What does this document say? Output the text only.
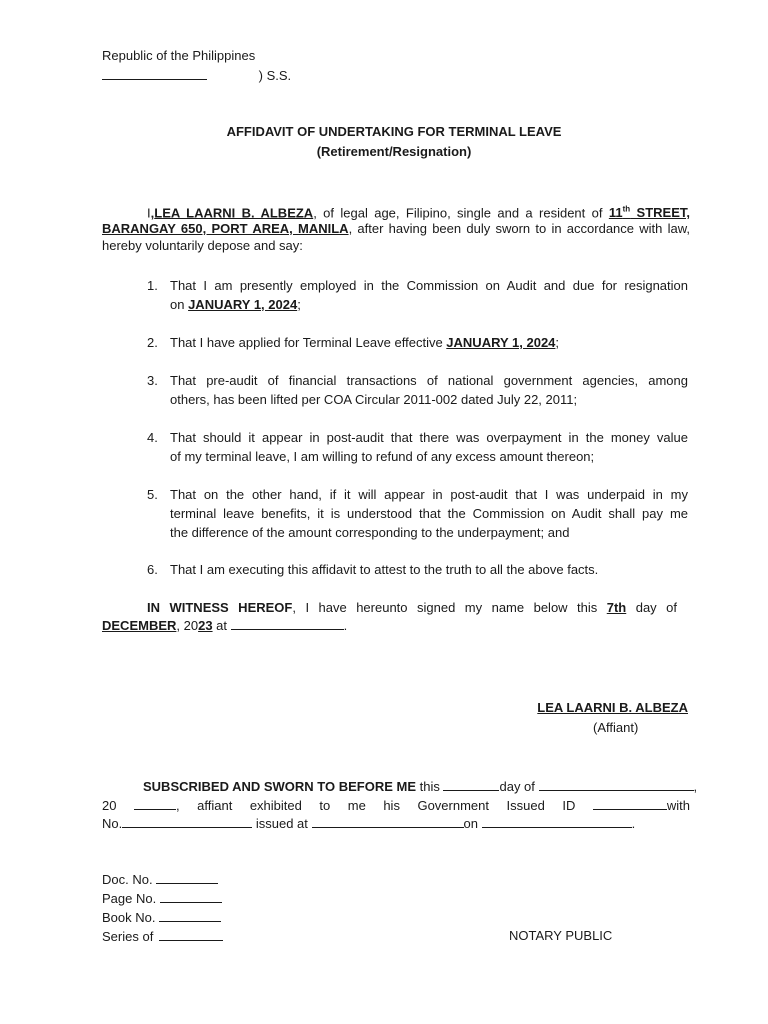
Republic of the Philippines
) S.S.
AFFIDAVIT OF UNDERTAKING FOR TERMINAL LEAVE
(Retirement/Resignation)
I,LEA LAARNI B. ALBEZA, of legal age, Filipino, single and a resident of 11th STREET,
BARANGAY 650, PORT AREA, MANILA, after having been duly sworn to in accordance with law,
hereby voluntarily depose and say:
1. That I am presently employed in the Commission on Audit and due for resignation
on JANUARY 1, 2024;
2. That I have applied for Terminal Leave effective JANUARY 1, 2024;
3. That pre-audit of financial transactions of national government agencies, among
others, has been lifted per COA Circular 2011-002 dated July 22, 2011;
4. That should it appear in post-audit that there was overpayment in the money value
of my terminal leave, I am willing to refund of any excess amount thereon;
5. That on the other hand, if it will appear in post-audit that I was underpaid in my
terminal leave benefits, it is understood that the Commission on Audit shall pay me
the difference of the amount corresponding to the underpayment; and
6. That I am executing this affidavit to attest to the truth to all the above facts.
IN WITNESS HEREOF, I have hereunto signed my name below this 7th day of
DECEMBER, 2023 at	.
LEA LAARNI B. ALBEZA
(Affiant)
SUBSCRIBED AND SWORN TO BEFORE ME this	day of	,
20	, affiant exhibited to me his Government Issued ID	with
No.	issued at	on	.
Doc. No.
Page No.
Book No.
Series of	NOTARY PUBLIC
